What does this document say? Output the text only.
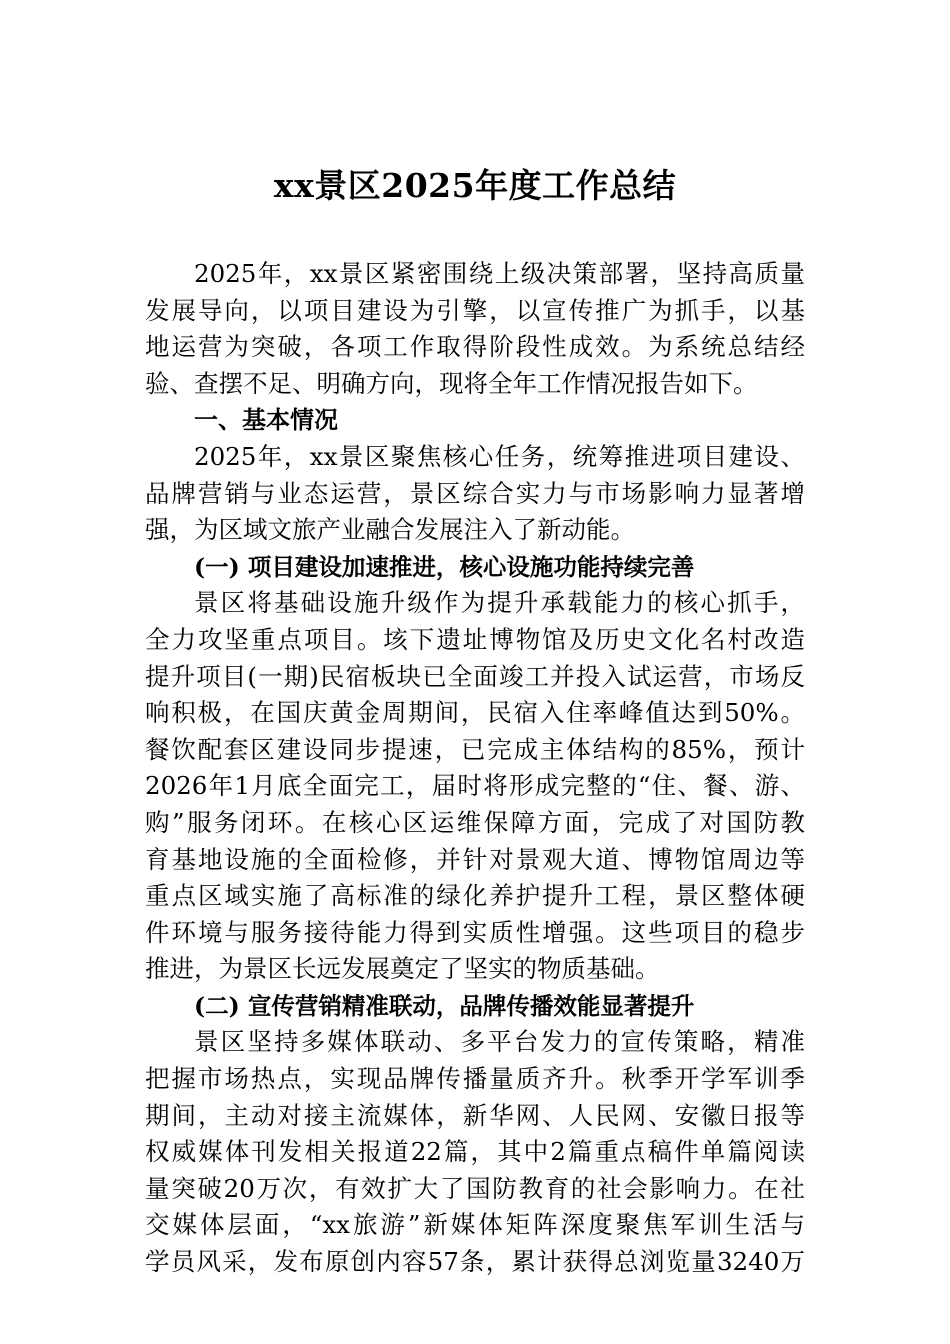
xx景区2025年度工作总结
2025年，xx景区紧密围绕上级决策部署，坚持高质量
发展导向，以项目建设为引擎，以宣传推广为抓手，以基
地运营为突破，各项工作取得阶段性成效。为系统总结经
验、查摆不足、明确方向，现将全年工作情况报告如下。
一、基本情况
2025年，xx景区聚焦核心任务，统筹推进项目建设、
品牌营销与业态运营，景区综合实力与市场影响力显著增
强，为区域文旅产业融合发展注入了新动能。
(一) 项目建设加速推进，核心设施功能持续完善
景区将基础设施升级作为提升承载能力的核心抓手，
全力攻坚重点项目。垓下遗址博物馆及历史文化名村改造
提升项目(一期)民宿板块已全面竣工并投入试运营，市场反
响积极，在国庆黄金周期间，民宿入住率峰值达到50%。
餐饮配套区建设同步提速，已完成主体结构的85%，预计
2026年1月底全面完工，届时将形成完整的“住、餐、游、
购”服务闭环。在核心区运维保障方面，完成了对国防教
育基地设施的全面检修，并针对景观大道、博物馆周边等
重点区域实施了高标准的绿化养护提升工程，景区整体硬
件环境与服务接待能力得到实质性增强。这些项目的稳步
推进，为景区长远发展奠定了坚实的物质基础。
(二) 宣传营销精准联动，品牌传播效能显著提升
景区坚持多媒体联动、多平台发力的宣传策略，精准
把握市场热点，实现品牌传播量质齐升。秋季开学军训季
期间，主动对接主流媒体，新华网、人民网、安徽日报等
权威媒体刊发相关报道22篇，其中2篇重点稿件单篇阅读
量突破20万次，有效扩大了国防教育的社会影响力。在社
交媒体层面，“xx旅游”新媒体矩阵深度聚焦军训生活与
学员风采，发布原创内容57条，累计获得总浏览量3240万
